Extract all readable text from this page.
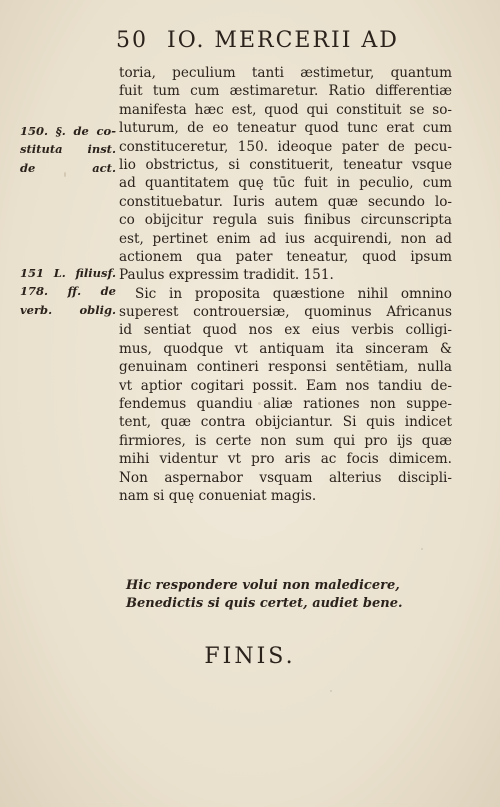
50 IO. MERCERII AD
150. §. de co-
stituta inst.
de act.
151 L. filiusf.
178. ff. de
verb. oblig.
toria, peculium tanti æstimetur, quantum
fuit tum cum æstimaretur. Ratio differentiæ
manifesta hæc est, quod qui constituit se so-
luturum, de eo teneatur quod tunc erat cum
constituceretur, 150. ideoque pater de pecu-
lio obstrictus, si constituerit, teneatur vsque
ad quantitatem quę tūc fuit in peculio, cum
constituebatur. Iuris autem quæ secundo lo-
co obijcitur regula suis finibus circunscripta
est, pertinet enim ad ius acquirendi, non ad
actionem qua pater teneatur, quod ipsum
Paulus expressim tradidit. 151.
Sic in proposita quæstione nihil omnino
superest controuersiæ, quominus Africanus
id sentiat quod nos ex eius verbis colligi-
mus, quodque vt antiquam ita sinceram &
genuinam contineri responsi sentētiam, nulla
vt aptior cogitari possit. Eam nos tandiu de-
fendemus quandiu aliæ rationes non suppe-
tent, quæ contra obijciantur. Si quis indicet
firmiores, is certe non sum qui pro ijs quæ
mihi videntur vt pro aris ac focis dimicem.
Non aspernabor vsquam alterius discipli-
nam si quę conueniat magis.
Hic respondere volui non maledicere,
Benedictis si quis certet, audiet bene.
FINIS.
